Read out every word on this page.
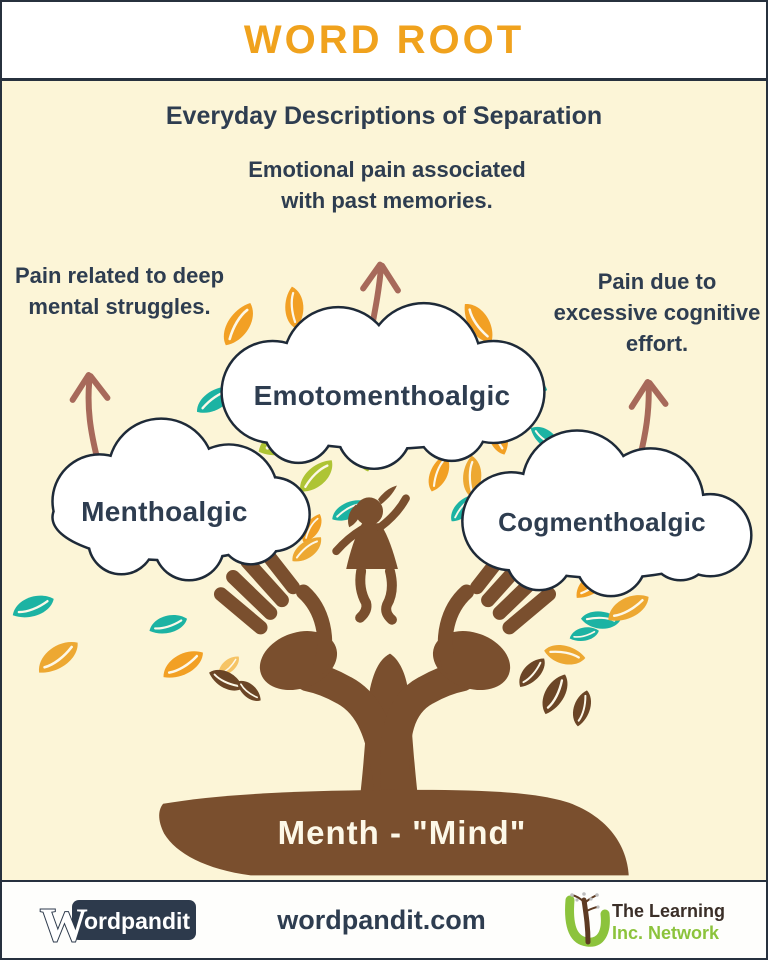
WORD ROOT
Everyday Descriptions of Separation

Emotional pain associated with past memories.

Pain related to deep mental struggles.

Pain due to excessive cognitive effort.

Emotomenthoalgic
Menthoalgic	Cogmenthoalgic
Menth - "Mind"
W
ordpandit	wordpandit.com	The Learning
Inc. Network
